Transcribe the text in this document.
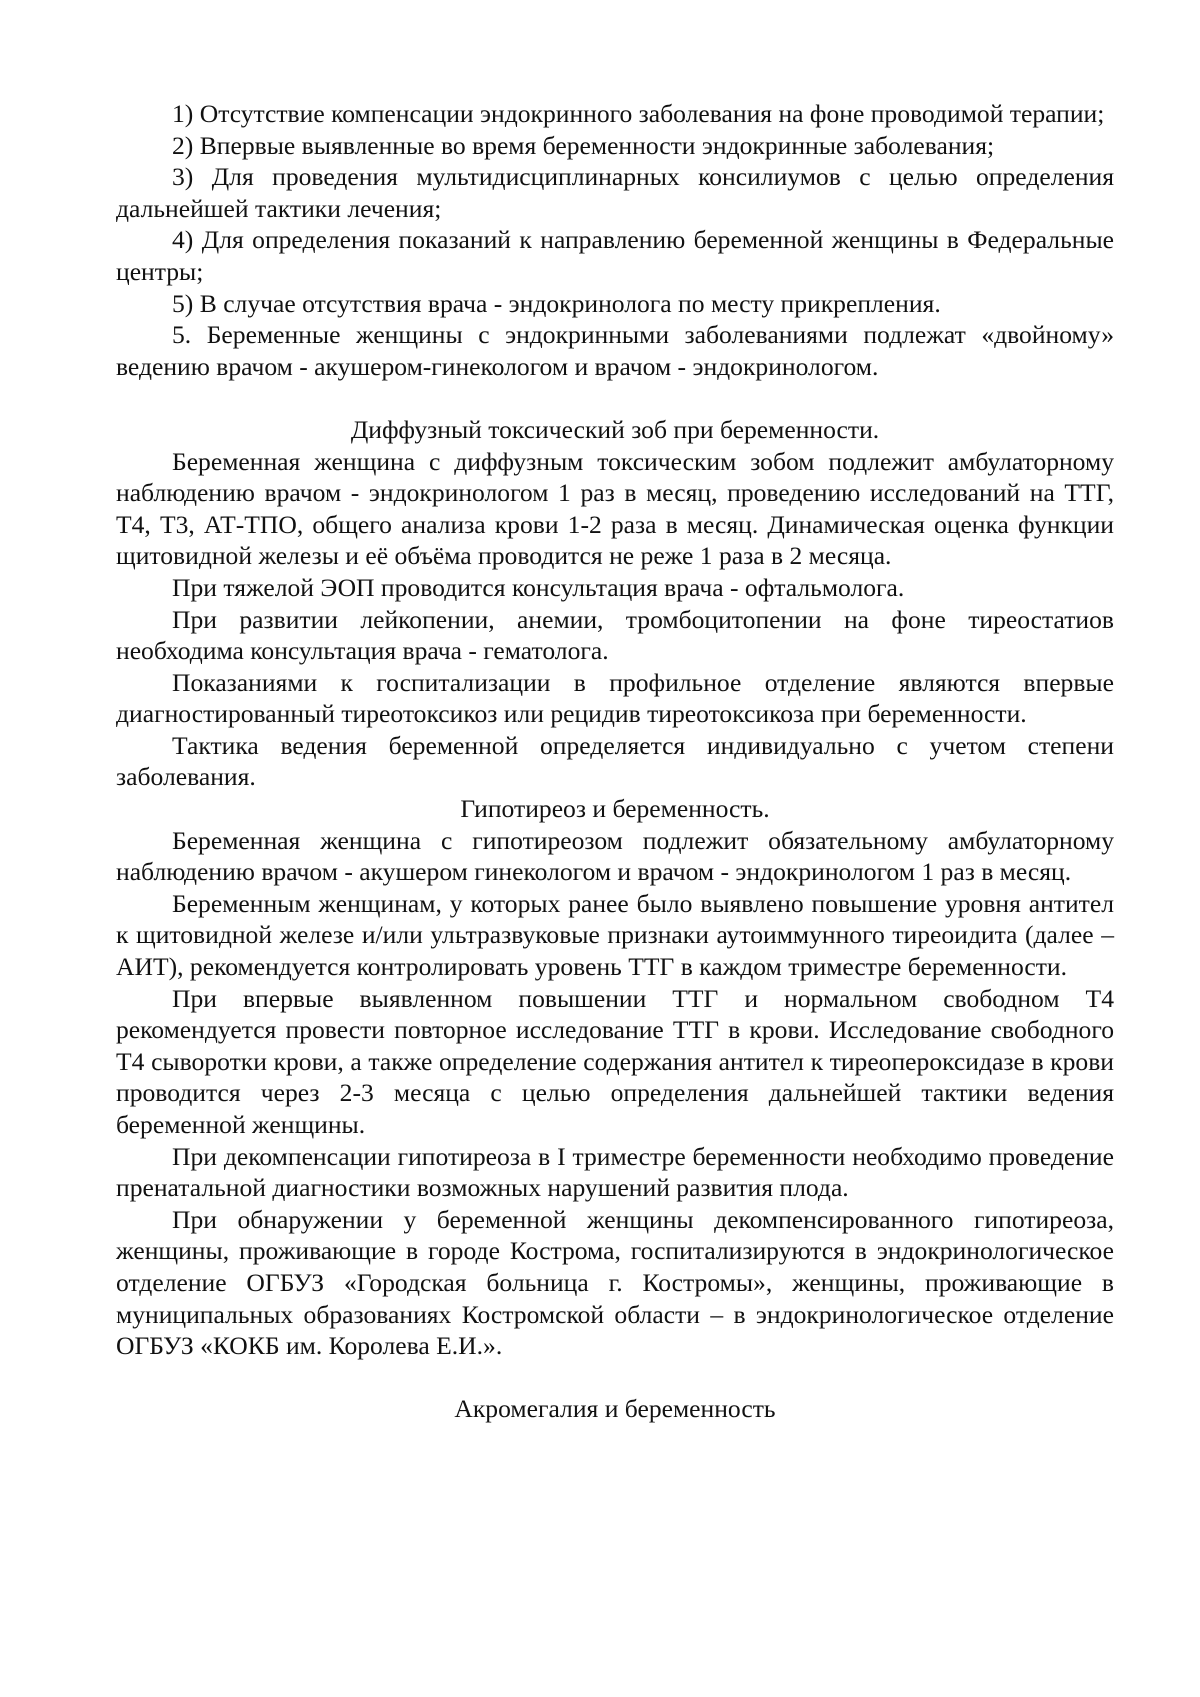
1) Отсутствие компенсации эндокринного заболевания на фоне проводимой терапии;

2) Впервые выявленные во время беременности эндокринные заболевания;

3) Для проведения мультидисциплинарных консилиумов с целью определения дальнейшей тактики лечения;

4) Для определения показаний к направлению беременной женщины в Федеральные центры;

5) В случае отсутствия врача - эндокринолога по месту прикрепления.

5. Беременные женщины с эндокринными заболеваниями подлежат «двойному» ведению врачом - акушером-гинекологом и врачом - эндокринологом.

Диффузный токсический зоб при беременности.

Беременная женщина с диффузным токсическим зобом подлежит амбулаторному наблюдению врачом - эндокринологом 1 раз в месяц, проведению исследований на ТТГ, Т4, Т3, АТ-ТПО, общего анализа крови 1-2 раза в месяц. Динамическая оценка функции щитовидной железы и её объёма проводится не реже 1 раза в 2 месяца.

При тяжелой ЭОП проводится консультация врача - офтальмолога.

При развитии лейкопении, анемии, тромбоцитопении на фоне тиреостатиов необходима консультация врача - гематолога.

Показаниями к госпитализации в профильное отделение являются впервые диагностированный тиреотоксикоз или рецидив тиреотоксикоза при беременности.

Тактика ведения беременной определяется индивидуально с учетом степени заболевания.

Гипотиреоз и беременность.

Беременная женщина с гипотиреозом подлежит обязательному амбулаторному наблюдению врачом - акушером гинекологом и врачом - эндокринологом 1 раз в месяц.

Беременным женщинам, у которых ранее было выявлено повышение уровня антител к щитовидной железе и/или ультразвуковые признаки аутоиммунного тиреоидита (далее – АИТ), рекомендуется контролировать уровень ТТГ в каждом триместре беременности.

При впервые выявленном повышении ТТГ и нормальном свободном Т4 рекомендуется провести повторное исследование ТТГ в крови. Исследование свободного Т4 сыворотки крови, а также определение содержания антител к тиреопероксидазе в крови проводится через 2-3 месяца с целью определения дальнейшей тактики ведения беременной женщины.

При декомпенсации гипотиреоза в I триместре беременности необходимо проведение пренатальной диагностики возможных нарушений развития плода.

При обнаружении у беременной женщины декомпенсированного гипотиреоза, женщины, проживающие в городе Кострома, госпитализируются в эндокринологическое отделение ОГБУЗ «Городская больница г. Костромы», женщины, проживающие в муниципальных образованиях Костромской области – в эндокринологическое отделение ОГБУЗ «КОКБ им. Королева Е.И.».

Акромегалия и беременность
